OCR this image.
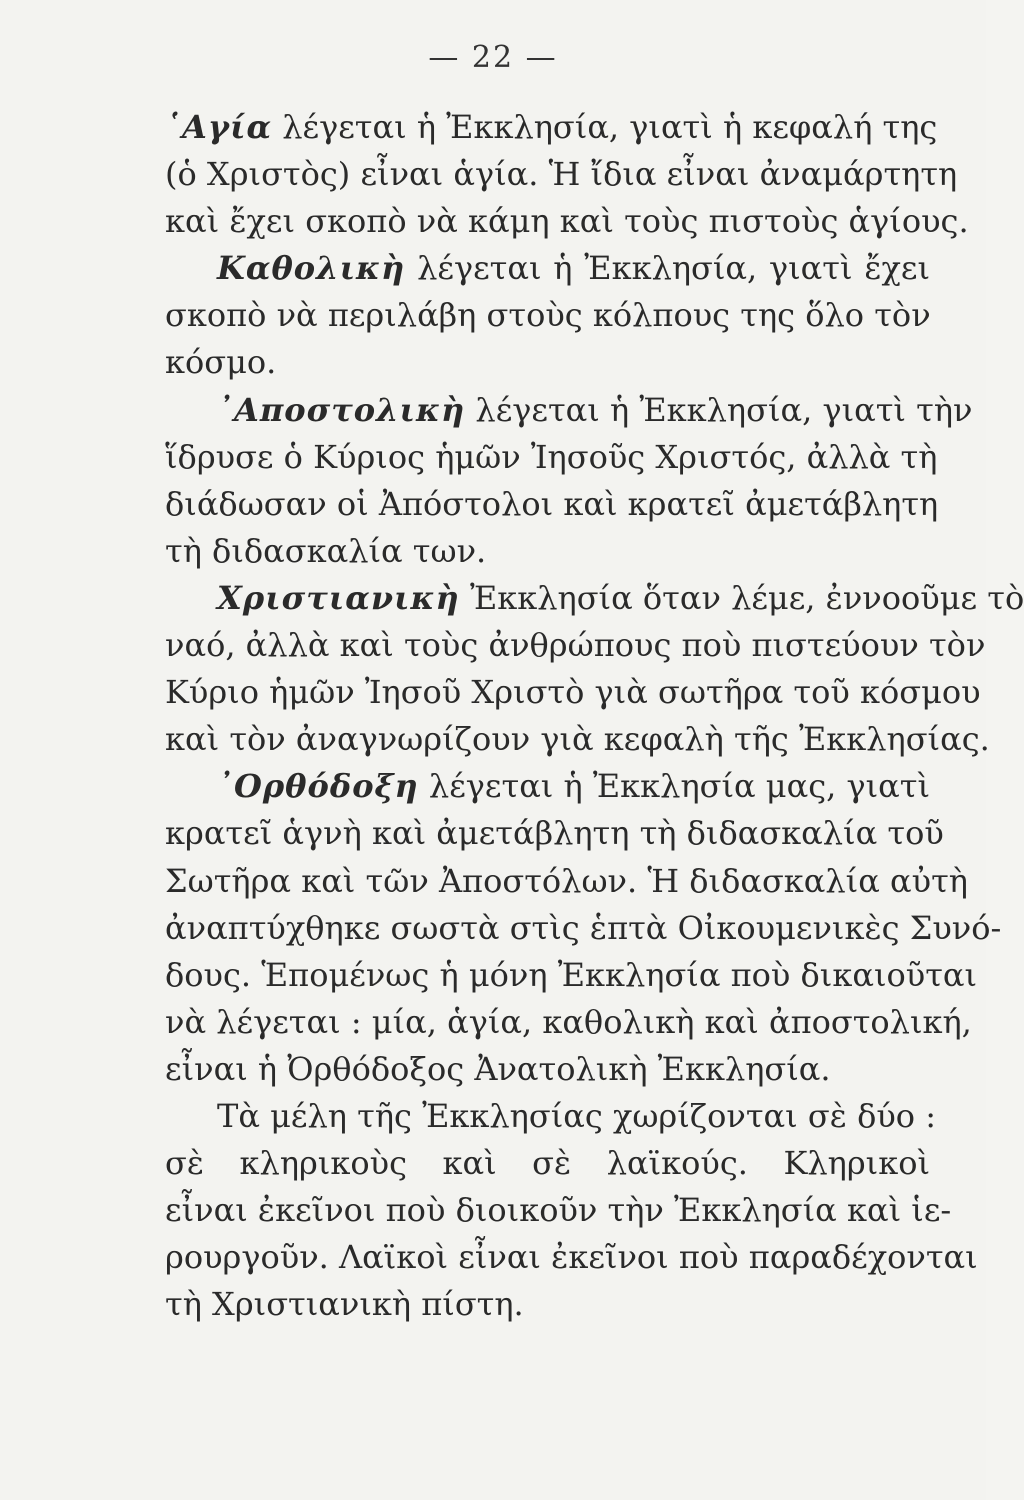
— 22 —
῾Αγία λέγεται ἡ Ἐκκλησία, γιατὶ ἡ κεφαλή της
(ὁ Χριστὸς) εἶναι ἁγία. Ἡ ἴδια εἶναι ἀναμάρτητη
καὶ ἔχει σκοπὸ νὰ κάμη καὶ τοὺς πιστοὺς ἁγίους.
Καθολικὴ λέγεται ἡ Ἐκκλησία, γιατὶ ἔχει
σκοπὸ νὰ περιλάβη στοὺς κόλπους της ὅλο τὸν
κόσμο.
᾿Αποστολικὴ λέγεται ἡ Ἐκκλησία, γιατὶ τὴν
ἵδρυσε ὁ Κύριος ἡμῶν Ἰησοῦς Χριστός, ἀλλὰ τὴ
διάδωσαν οἱ Ἀπόστολοι καὶ κρατεῖ ἀμετάβλητη
τὴ διδασκαλία των.
Χριστιανικὴ Ἐκκλησία ὅταν λέμε, ἐννοοῦμε τὸ
ναό, ἀλλὰ καὶ τοὺς ἀνθρώπους ποὺ πιστεύουν τὸν
Κύριο ἡμῶν Ἰησοῦ Χριστὸ γιὰ σωτῆρα τοῦ κόσμου
καὶ τὸν ἀναγνωρίζουν γιὰ κεφαλὴ τῆς Ἐκκλησίας.
᾿Ορθόδοξη λέγεται ἡ Ἐκκλησία μας, γιατὶ
κρατεῖ ἁγνὴ καὶ ἀμετάβλητη τὴ διδασκαλία τοῦ
Σωτῆρα καὶ τῶν Ἀποστόλων. Ἡ διδασκαλία αὐτὴ
ἀναπτύχθηκε σωστὰ στὶς ἑπτὰ Οἰκουμενικὲς Συνό-
δους. Ἑπομένως ἡ μόνη Ἐκκλησία ποὺ δικαιοῦται
νὰ λέγεται : μία, ἁγία, καθολικὴ καὶ ἀποστολική,
εἶναι ἡ Ὀρθόδοξος Ἀνατολικὴ Ἐκκλησία.
Τὰ μέλη τῆς Ἐκκλησίας χωρίζονται σὲ δύο :
σὲ κληρικοὺς καὶ σὲ λαϊκούς. Κληρικοὶ
εἶναι ἐκεῖνοι ποὺ διοικοῦν τὴν Ἐκκλησία καὶ ἱε-
ρουργοῦν. Λαϊκοὶ εἶναι ἐκεῖνοι ποὺ παραδέχονται
τὴ Χριστιανικὴ πίστη.
